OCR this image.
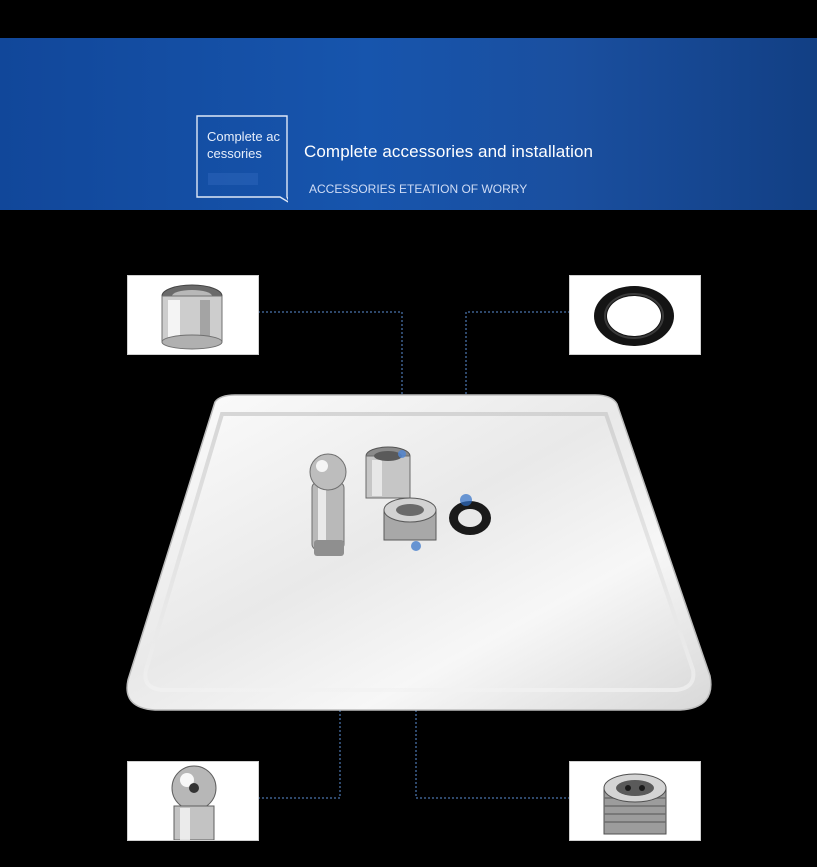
Complete accessories	Complete accessories and installation
ACCESSORIES ETEATION OF WORRY
